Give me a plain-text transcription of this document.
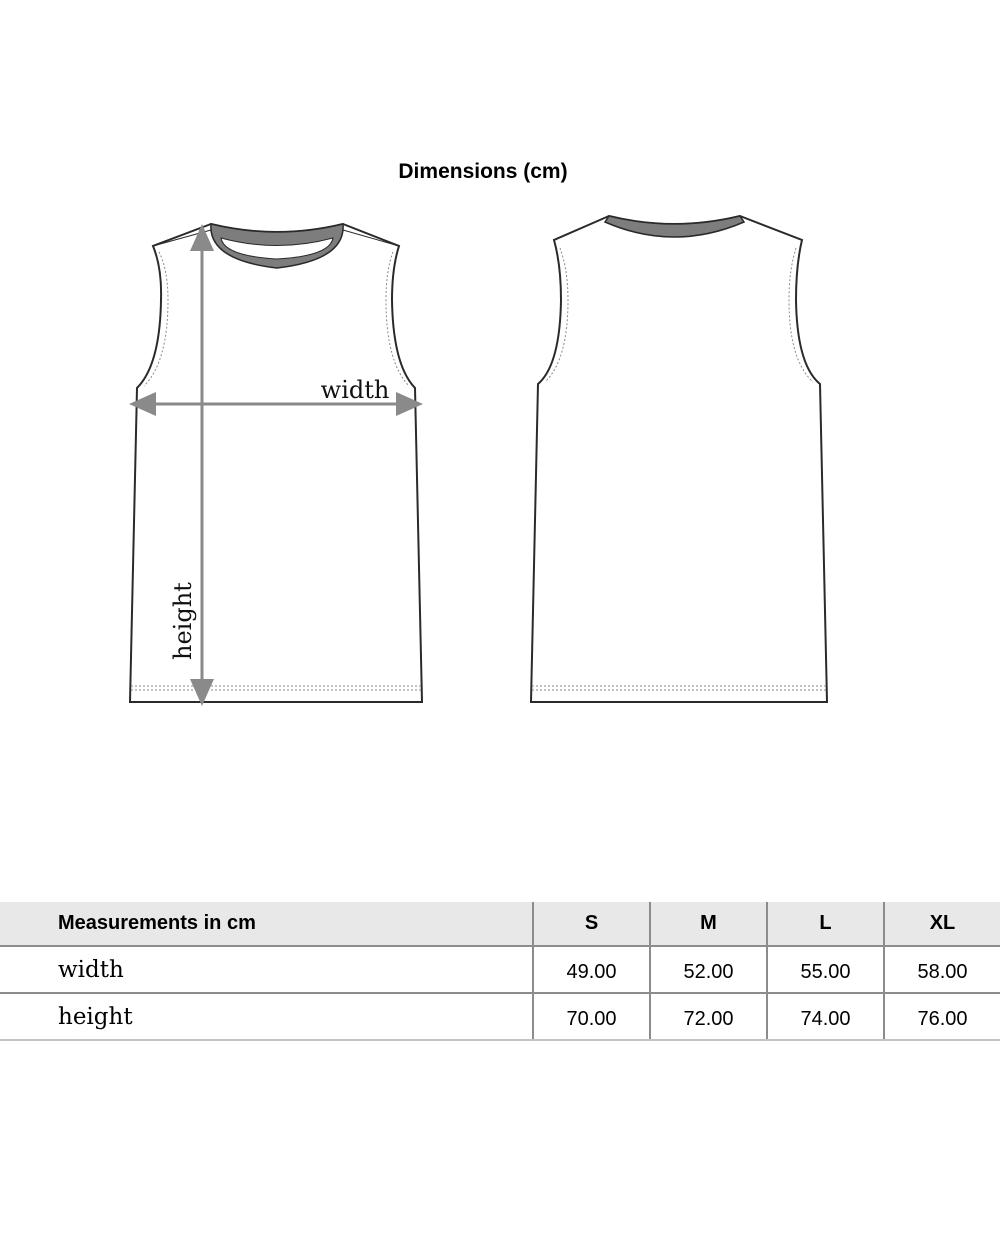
Dimensions (cm)
width
height
Measurements in cm	S	M	L	XL
width	49.00	52.00	55.00	58.00
height	70.00	72.00	74.00	76.00
